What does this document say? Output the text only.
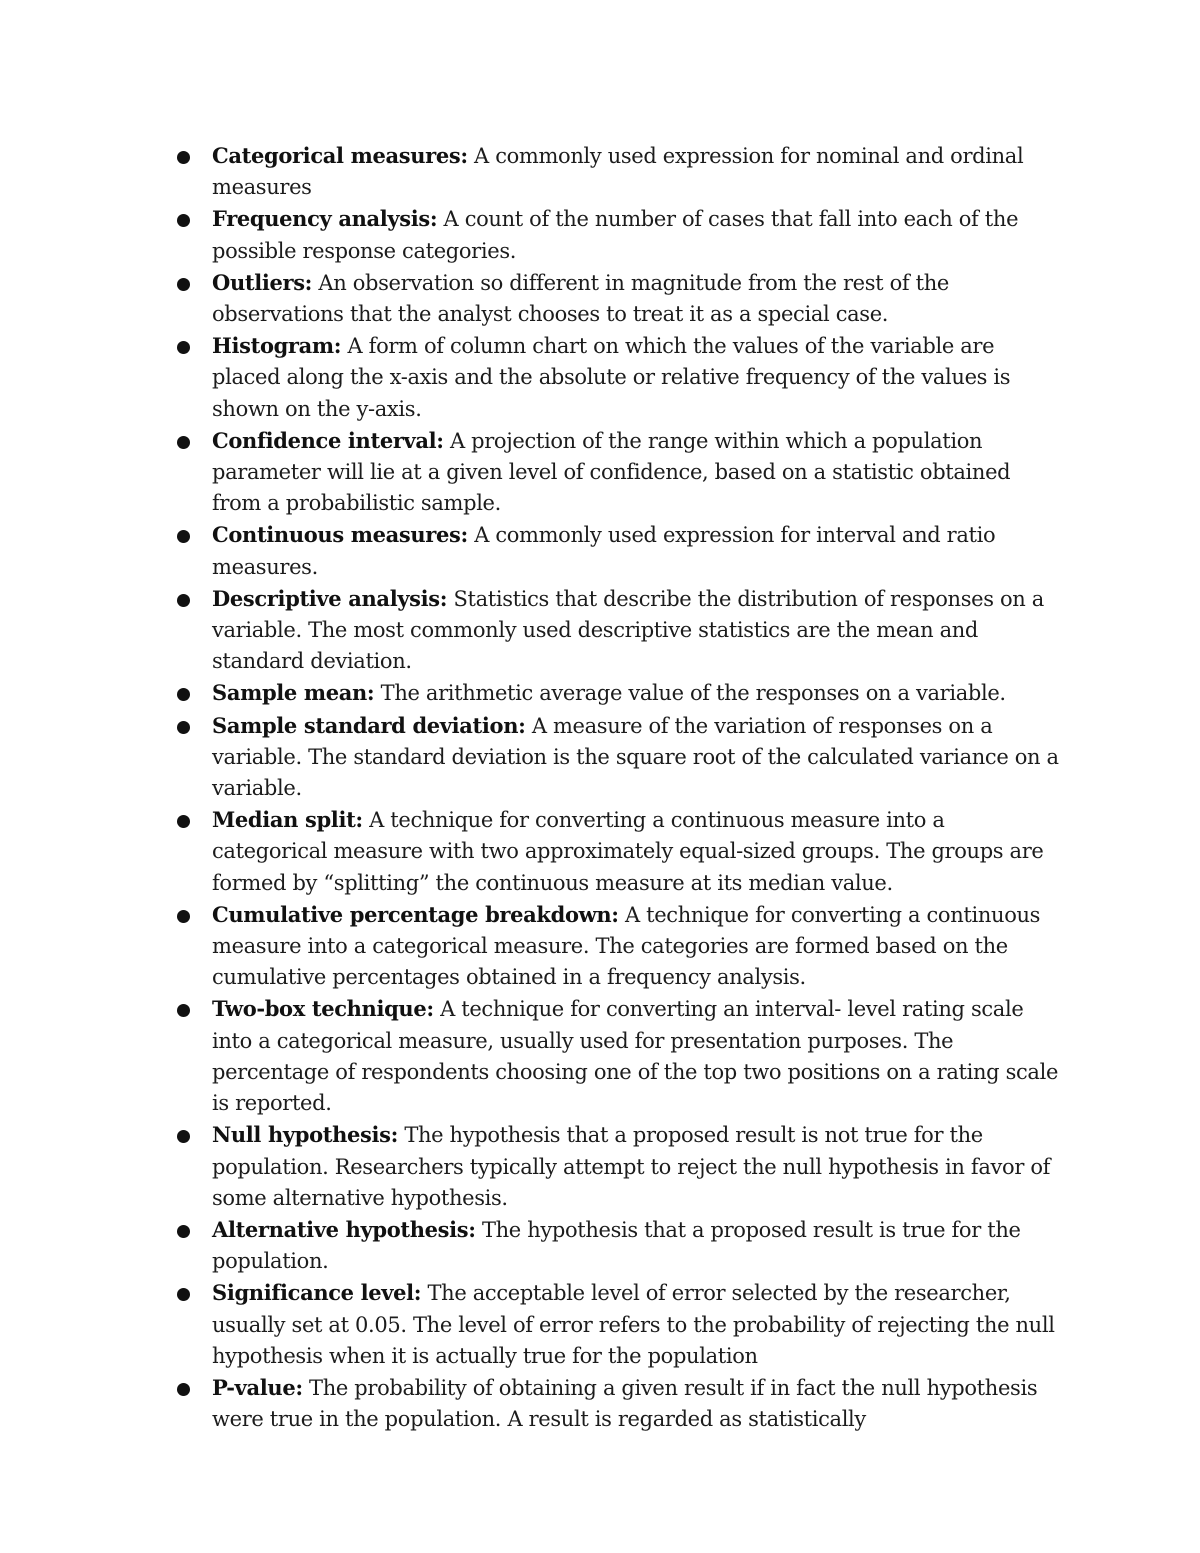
Categorical measures: A commonly used expression for nominal and ordinal measures
Frequency analysis: A count of the number of cases that fall into each of the possible response categories.
Outliers: An observation so different in magnitude from the rest of the observations that the analyst chooses to treat it as a special case.
Histogram: A form of column chart on which the values of the variable are placed along the x-axis and the absolute or relative frequency of the values is shown on the y-axis.
Confidence interval: A projection of the range within which a population parameter will lie at a given level of confidence, based on a statistic obtained from a probabilistic sample.
Continuous measures: A commonly used expression for interval and ratio measures.
Descriptive analysis: Statistics that describe the distribution of responses on a variable. The most commonly used descriptive statistics are the mean and standard deviation.
Sample mean: The arithmetic average value of the responses on a variable.
Sample standard deviation: A measure of the variation of responses on a variable. The standard deviation is the square root of the calculated variance on a variable.
Median split: A technique for converting a continuous measure into a categorical measure with two approximately equal-sized groups. The groups are formed by “splitting” the continuous measure at its median value.
Cumulative percentage breakdown: A technique for converting a continuous measure into a categorical measure. The categories are formed based on the cumulative percentages obtained in a frequency analysis.
Two-box technique: A technique for converting an interval- level rating scale into a categorical measure, usually used for presentation purposes. The percentage of respondents choosing one of the top two positions on a rating scale is reported.
Null hypothesis: The hypothesis that a proposed result is not true for the population. Researchers typically attempt to reject the null hypothesis in favor of some alternative hypothesis.
Alternative hypothesis: The hypothesis that a proposed result is true for the population.
Significance level: The acceptable level of error selected by the researcher, usually set at 0.05. The level of error refers to the probability of rejecting the null hypothesis when it is actually true for the population
P-value: The probability of obtaining a given result if in fact the null hypothesis were true in the population. A result is regarded as statistically
